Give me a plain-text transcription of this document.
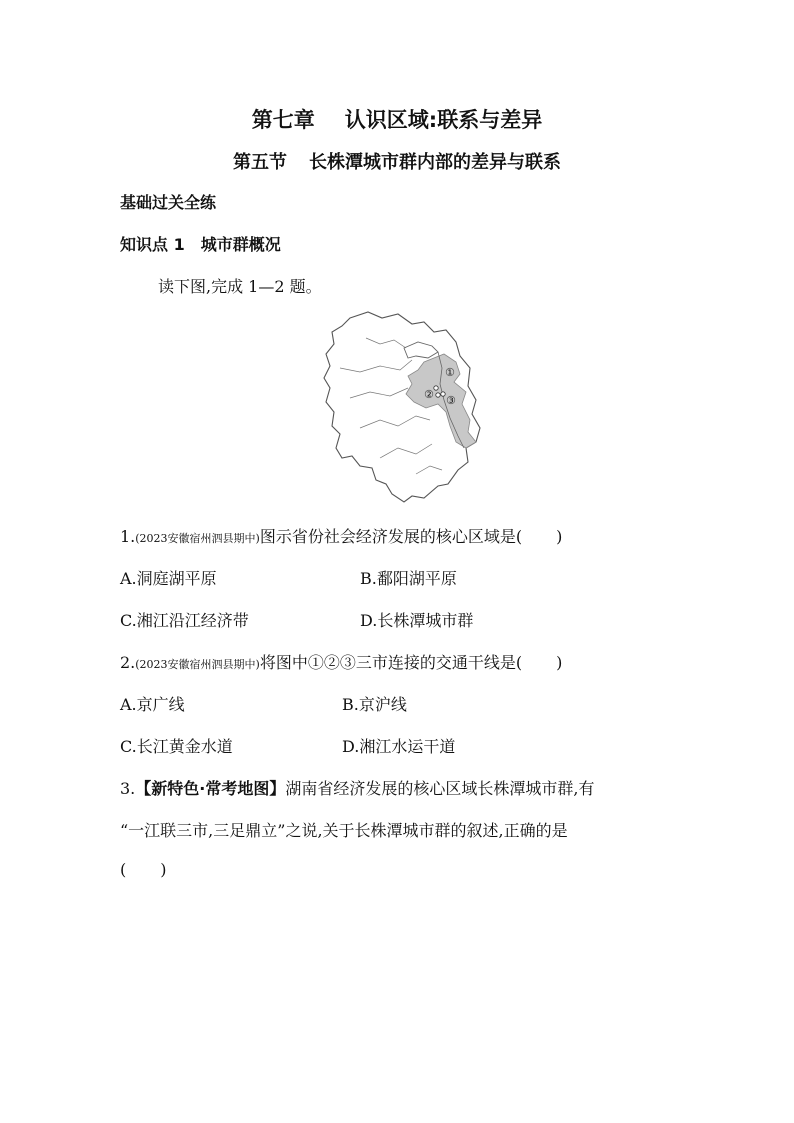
第七章 认识区域:联系与差异
第五节 长株潭城市群内部的差异与联系
基础过关全练
知识点 1 城市群概况
读下图,完成 1—2 题。
①
② ③
1.(2023安徽宿州泗县期中)图示省份社会经济发展的核心区域是( )
A.洞庭湖平原	B.鄱阳湖平原
C.湘江沿江经济带	D.长株潭城市群
2.(2023安徽宿州泗县期中)将图中①②③三市连接的交通干线是( )
A.京广线	B.京沪线
C.长江黄金水道	D.湘江水运干道
3.【新特色·常考地图】湖南省经济发展的核心区域长株潭城市群,有
“一江联三市,三足鼎立”之说,关于长株潭城市群的叙述,正确的是
( )
